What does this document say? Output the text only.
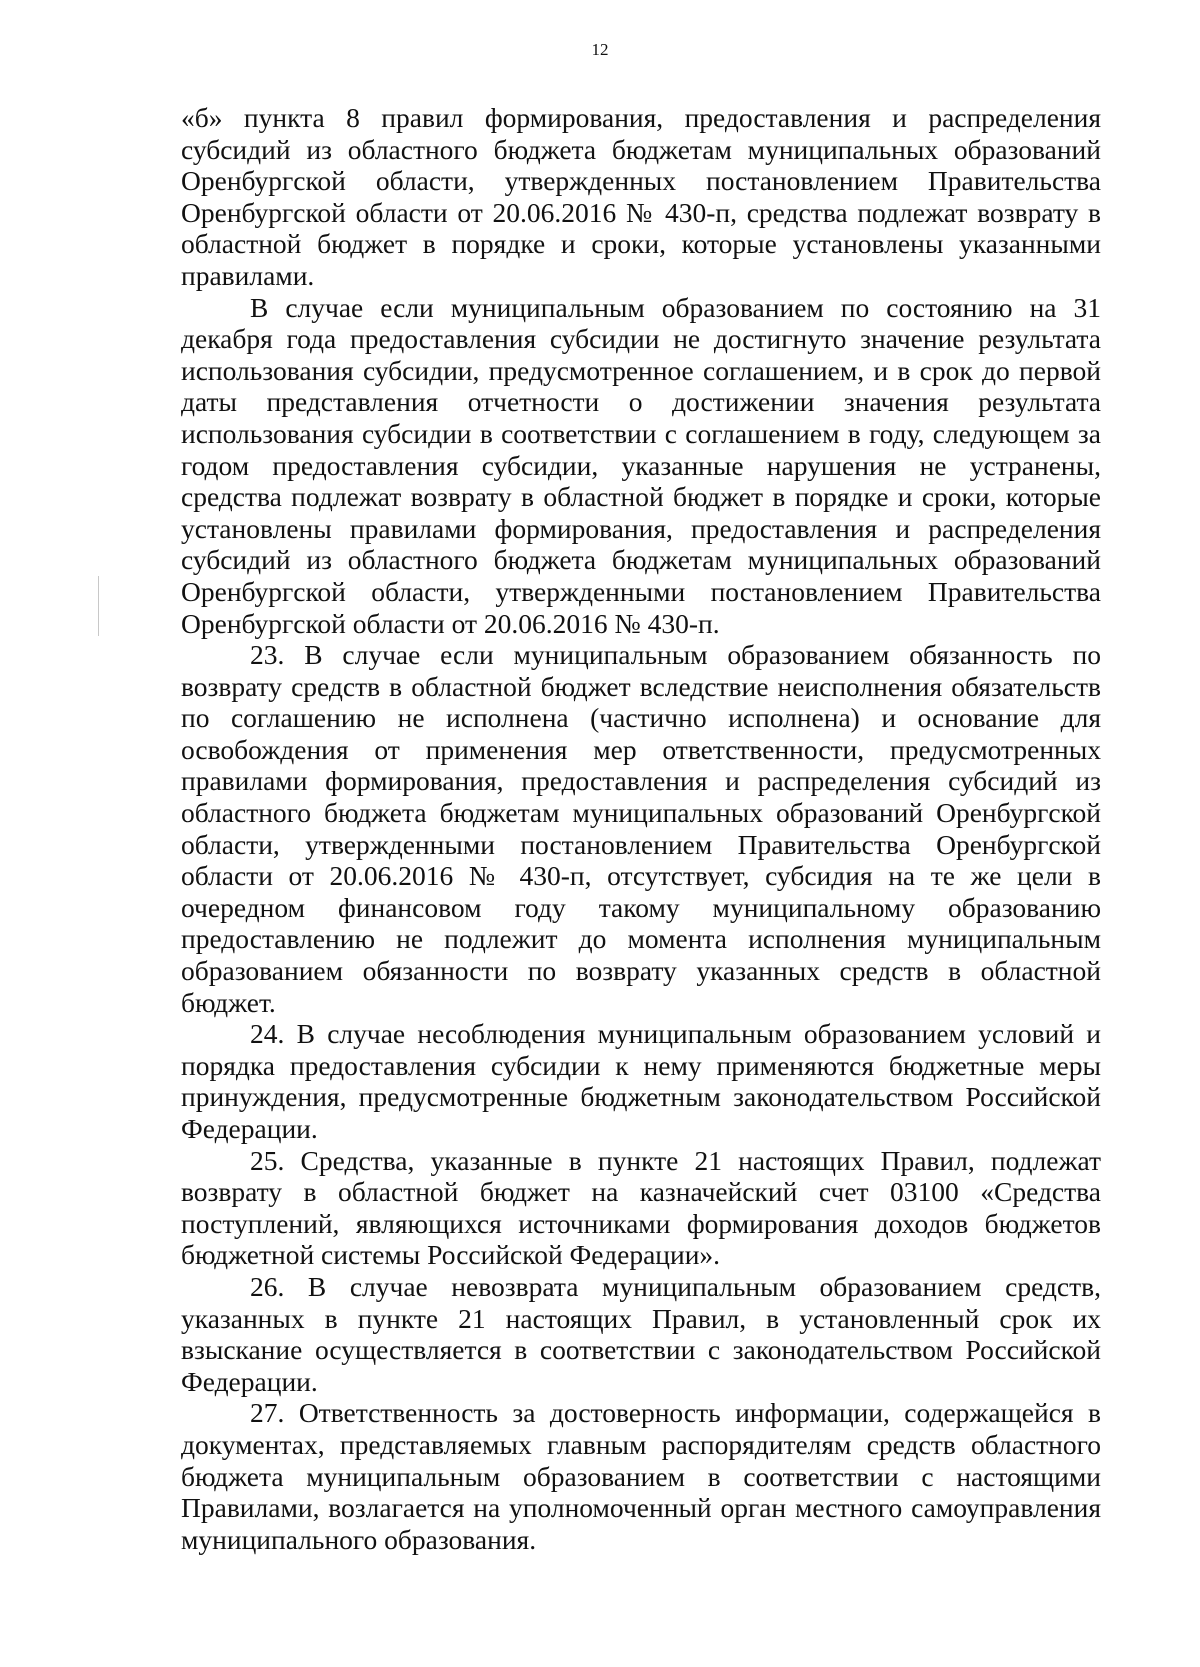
12

«б» пункта 8 правил формирования, предоставления и распределения субсидий из областного бюджета бюджетам муниципальных образований Оренбургской области, утвержденных постановлением Правительства Оренбургской области от 20.06.2016 № 430-п, средства подлежат возврату в областной бюджет в порядке и сроки, которые установлены указанными правилами.

В случае если муниципальным образованием по состоянию на 31 декабря года предоставления субсидии не достигнуто значение результата использования субсидии, предусмотренное соглашением, и в срок до первой даты представления отчетности о достижении значения результата использования субсидии в соответствии с соглашением в году, следующем за годом предоставления субсидии, указанные нарушения не устранены, средства подлежат возврату в областной бюджет в порядке и сроки, которые установлены правилами формирования, предоставления и распределения субсидий из областного бюджета бюджетам муниципальных образований Оренбургской области, утвержденными постановлением Правительства Оренбургской области от 20.06.2016 № 430-п.

23. В случае если муниципальным образованием обязанность по возврату средств в областной бюджет вследствие неисполнения обязательств по соглашению не исполнена (частично исполнена) и основание для освобождения от применения мер ответственности, предусмотренных правилами формирования, предоставления и распределения субсидий из областного бюджета бюджетам муниципальных образований Оренбургской области, утвержденными постановлением Правительства Оренбургской области от 20.06.2016 № 430-п, отсутствует, субсидия на те же цели в очередном финансовом году такому муниципальному образованию предоставлению не подлежит до момента исполнения муниципальным образованием обязанности по возврату указанных средств в областной бюджет.

24. В случае несоблюдения муниципальным образованием условий и порядка предоставления субсидии к нему применяются бюджетные меры принуждения, предусмотренные бюджетным законодательством Российской Федерации.

25. Средства, указанные в пункте 21 настоящих Правил, подлежат возврату в областной бюджет на казначейский счет 03100 «Средства поступлений, являющихся источниками формирования доходов бюджетов бюджетной системы Российской Федерации».

26. В случае невозврата муниципальным образованием средств, указанных в пункте 21 настоящих Правил, в установленный срок их взыскание осуществляется в соответствии с законодательством Российской Федерации.

27. Ответственность за достоверность информации, содержащейся в документах, представляемых главным распорядителям средств областного бюджета муниципальным образованием в соответствии с настоящими Правилами, возлагается на уполномоченный орган местного самоуправления муниципального образования.
